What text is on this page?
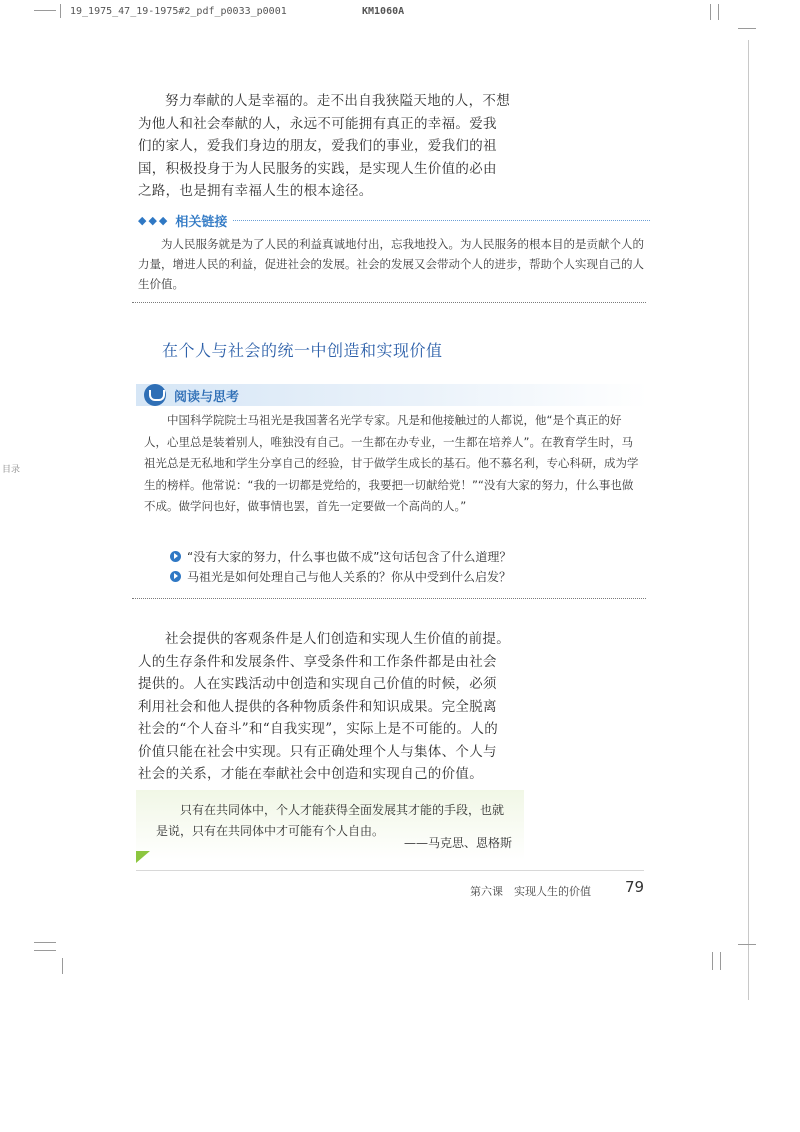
19_1975_47_19-1975#2_pdf_p0033_p0001	KM1060A
目录

努力奉献的人是幸福的。走不出自我狭隘天地的人，不想为他人和社会奉献的人，永远不可能拥有真正的幸福。爱我们的家人，爱我们身边的朋友，爱我们的事业，爱我们的祖国，积极投身于为人民服务的实践，是实现人生价值的必由之路，也是拥有幸福人生的根本途径。

◆◆◆ 相关链接

为人民服务就是为了人民的利益真诚地付出，忘我地投入。为人民服务的根本目的是贡献个人的力量，增进人民的利益，促进社会的发展。社会的发展又会带动个人的进步，帮助个人实现自己的人生价值。

在个人与社会的统一中创造和实现价值
阅读与思考

中国科学院院士马祖光是我国著名光学专家。凡是和他接触过的人都说，他“是个真正的好人，心里总是装着别人，唯独没有自己。一生都在办专业，一生都在培养人”。在教育学生时，马祖光总是无私地和学生分享自己的经验，甘于做学生成长的基石。他不慕名利，专心科研，成为学生的榜样。他常说：“我的一切都是党给的，我要把一切献给党！”“没有大家的努力，什么事也做不成。做学问也好，做事情也罢，首先一定要做一个高尚的人。”

“没有大家的努力，什么事也做不成”这句话包含了什么道理？
马祖光是如何处理自己与他人关系的？你从中受到什么启发？

社会提供的客观条件是人们创造和实现人生价值的前提。人的生存条件和发展条件、享受条件和工作条件都是由社会提供的。人在实践活动中创造和实现自己价值的时候，必须利用社会和他人提供的各种物质条件和知识成果。完全脱离社会的“个人奋斗”和“自我实现”，实际上是不可能的。人的价值只能在社会中实现。只有正确处理个人与集体、个人与社会的关系，才能在奉献社会中创造和实现自己的价值。

只有在共同体中，个人才能获得全面发展其才能的手段，也就是说，只有在共同体中才可能有个人自由。

——马克思、恩格斯

第六课　实现人生的价值 79
